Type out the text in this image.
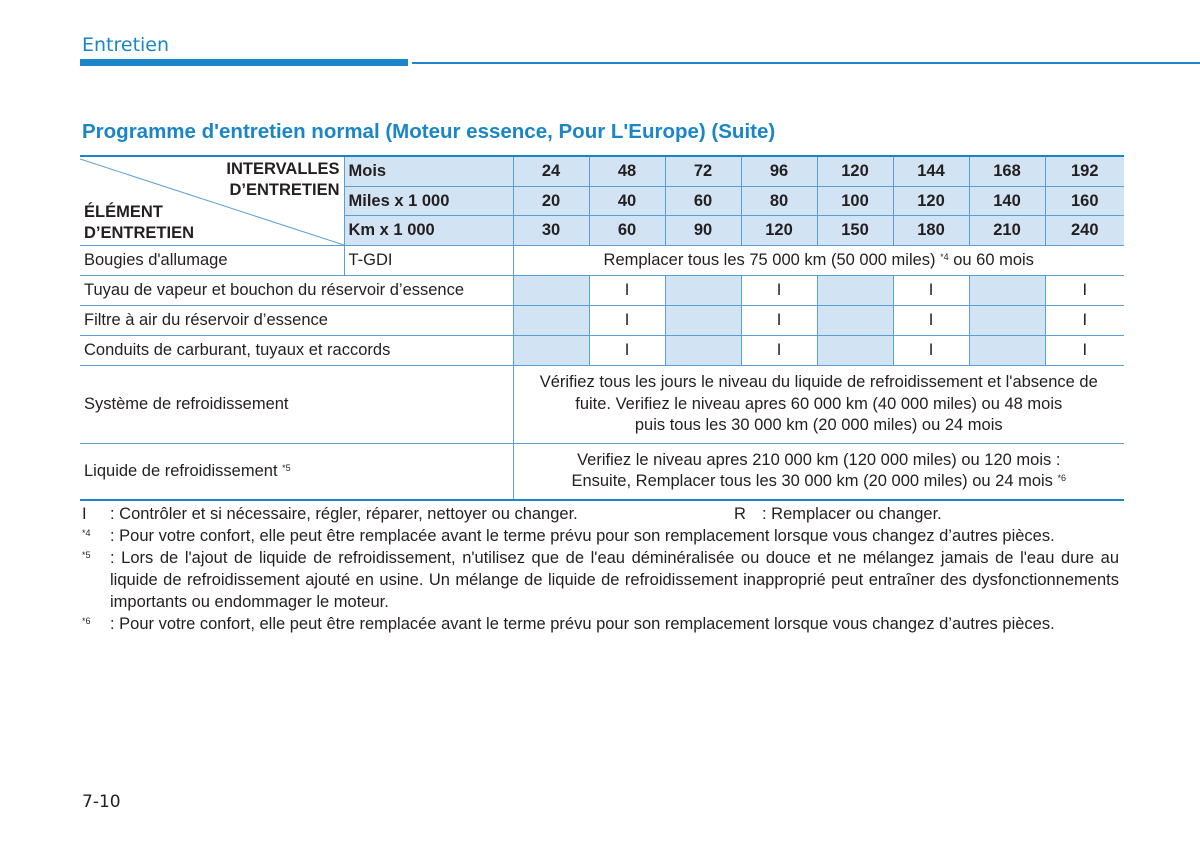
Entretien
Programme d'entretien normal (Moteur essence, Pour L'Europe) (Suite)
INTERVALLES
D’ENTRETIEN
ÉLÉMENT
D’ENTRETIEN	Mois	24	48	72	96	120	144	168	192
	Miles x 1 000	20	40	60	80	100	120	140	160
	Km x 1 000	30	60	90	120	150	180	210	240
Bougies d'allumage	T-GDI	Remplacer tous les 75 000 km (50 000 miles) $^{*4}$ ou 60 mois							
Tuyau de vapeur et bouchon du réservoir d’essence			I		I		I		I
Filtre à air du réservoir d’essence			I		I		I		I
Conduits de carburant, tuyaux et raccords			I		I		I		I
Système de refroidissement		Vérifiez tous les jours le niveau du liquide de refroidissement et l'absence de
fuite. Verifiez le niveau apres 60 000 km (40 000 miles) ou 48 mois
puis tous les 30 000 km (20 000 miles) ou 24 mois							

Liquide de refroidissement $^{*5}$		Verifiez le niveau apres 210 000 km (120 000 miles) ou 120 mois :
Ensuite, Remplacer tous les 30 000 km (20 000 miles) ou 24 mois $^{*6}$
I	: Contrôler et si nécessaire, régler, réparer, nettoyer ou changer.	R : Remplacer ou changer.
$^{*4}$	: Pour votre confort, elle peut être remplacée avant le terme prévu pour son remplacement lorsque vous changez d’autres pièces.
$^{*5}$	: Lors de l'ajout de liquide de refroidissement, n'utilisez que de l'eau déminéralisée ou douce et ne mélangez jamais de l'eau dure au liquide de refroidissement ajouté en usine. Un mélange de liquide de refroidissement inapproprié peut entraîner des dysfonctionnements importants ou endommager le moteur.
$^{*6}$	: Pour votre confort, elle peut être remplacée avant le terme prévu pour son remplacement lorsque vous changez d’autres pièces.
7-10
